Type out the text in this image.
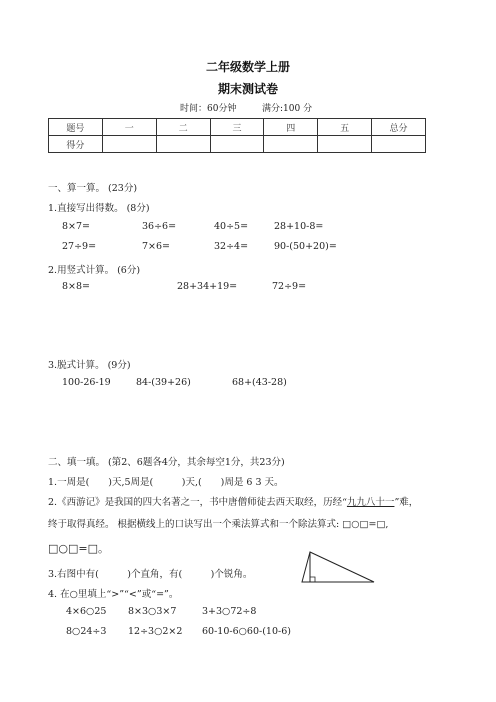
二年级数学上册
期末测试卷
时间：60分钟	满分:100 分
题号	一	二	三	四	五	总分
得分						
一、算一算。 (23分)
1.直接写出得数。 (8分)
8×7=	36÷6=	40÷5=	28+10-8=
27÷9=	7×6=	32÷4=	90-(50+20)=
2.用竖式计算。 (6分)
8×8=	28+34+19=	72÷9=
3.脱式计算。 (9分)
100-26-19	84-(39+26)	68+(43-28)
二、填一填。 (第2、6题各4分，其余每空1分，共23分)
1.一周是(　　)天,5周是(　　　)天,(　　)周是 6 3 天。
2.《西游记》是我国的四大名著之一，书中唐僧师徒去西天取经，历经“九九八十一”难，
终于取得真经。 根据横线上的口诀写出一个乘法算式和一个除法算式: □○□=□,
□○□=□。
3.右图中有(　　　)个直角，有(　　　)个锐角。
4. 在○里填上“>”“<”或“=”。
4×6○25	8×3○3×7	3+3○72÷8
8○24÷3	12÷3○2×2	60-10-6○60-(10-6)
